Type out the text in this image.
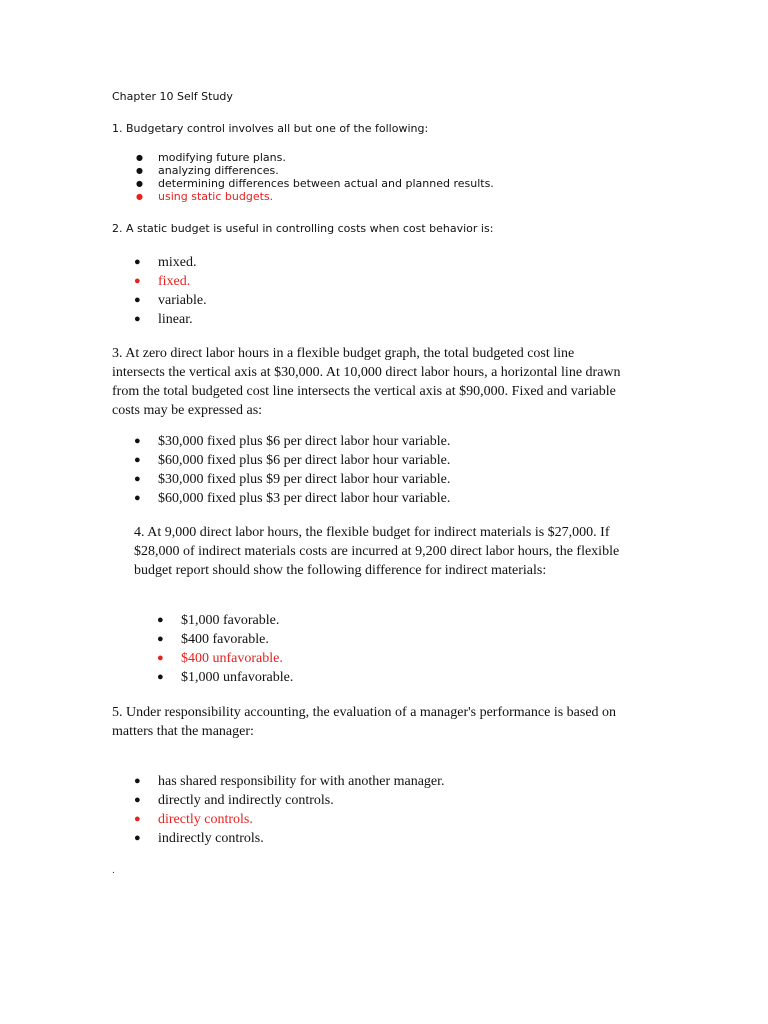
Chapter 10 Self Study
1. Budgetary control involves all but one of the following:
● modifying future plans.
● analyzing differences.
● determining differences between actual and planned results.
● using static budgets.
2. A static budget is useful in controlling costs when cost behavior is:
● mixed.
● fixed.
● variable.
● linear.
3. At zero direct labor hours in a flexible budget graph, the total budgeted cost line
intersects the vertical axis at $30,000. At 10,000 direct labor hours, a horizontal line drawn
from the total budgeted cost line intersects the vertical axis at $90,000. Fixed and variable
costs may be expressed as:
● $30,000 fixed plus $6 per direct labor hour variable.
● $60,000 fixed plus $6 per direct labor hour variable.
● $30,000 fixed plus $9 per direct labor hour variable.
● $60,000 fixed plus $3 per direct labor hour variable.
4. At 9,000 direct labor hours, the flexible budget for indirect materials is $27,000. If
$28,000 of indirect materials costs are incurred at 9,200 direct labor hours, the flexible
budget report should show the following difference for indirect materials:
● $1,000 favorable.
● $400 favorable.
● $400 unfavorable.
● $1,000 unfavorable.
5. Under responsibility accounting, the evaluation of a manager's performance is based on
matters that the manager:
● has shared responsibility for with another manager.
● directly and indirectly controls.
● directly controls.
● indirectly controls.
.
